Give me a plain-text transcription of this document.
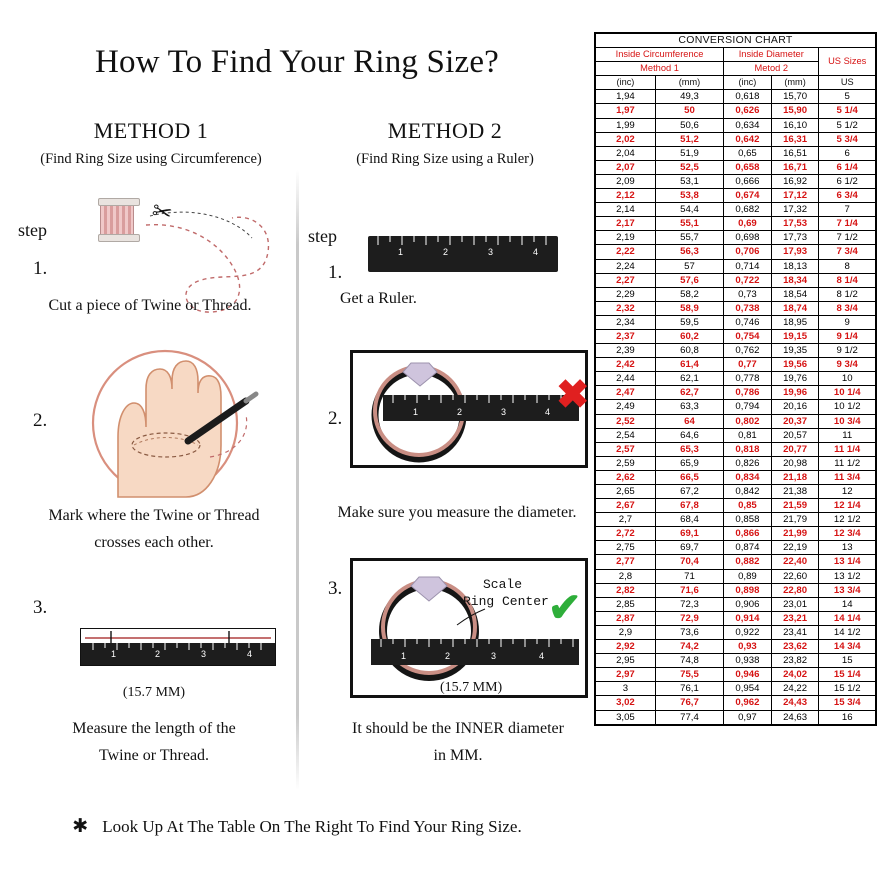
How To Find Your Ring Size?
METHOD 1
(Find Ring Size using Circumference)
step
1.
2.
3.
✂
Cut a piece of Twine or Thread.
Mark where the Twine or Thread
crosses each other.
1	2	3	4
(15.7 MM)
Measure the length of the
Twine or Thread.
METHOD 2
(Find Ring Size using a Ruler)
step
1.
2.
3.
1	2	3	4
Get a Ruler.
1	2	3	4 ✖
Make sure you measure the diameter.
1	2	3	4
Scale
Ring Center ✔
(15.7 MM)
It should be the INNER diameter
in MM.
✱ Look Up At The Table On The Right To Find Your Ring Size.
CONVERSION CHART				
Inside Circumference		Inside Diameter		US Sizes
Method 1		Metod 2		
(inc)	(mm)	(inc)	(mm)	US
1,94	49,3	0,618	15,70	5
1,97	50	0,626	15,90	5 1/4
1,99	50,6	0,634	16,10	5 1/2
2,02	51,2	0,642	16,31	5 3/4
2,04	51,9	0,65	16,51	6
2,07	52,5	0,658	16,71	6 1/4
2,09	53,1	0,666	16,92	6 1/2
2,12	53,8	0,674	17,12	6 3/4
2,14	54,4	0,682	17,32	7
2,17	55,1	0,69	17,53	7 1/4
2,19	55,7	0,698	17,73	7 1/2
2,22	56,3	0,706	17,93	7 3/4
2,24	57	0,714	18,13	8
2,27	57,6	0,722	18,34	8 1/4
2,29	58,2	0,73	18,54	8 1/2
2,32	58,9	0,738	18,74	8 3/4
2,34	59,5	0,746	18,95	9
2,37	60,2	0,754	19,15	9 1/4
2,39	60,8	0,762	19,35	9 1/2
2,42	61,4	0,77	19,56	9 3/4
2,44	62,1	0,778	19,76	10
2,47	62,7	0,786	19,96	10 1/4
2,49	63,3	0,794	20,16	10 1/2
2,52	64	0,802	20,37	10 3/4
2,54	64,6	0,81	20,57	11
2,57	65,3	0,818	20,77	11 1/4
2,59	65,9	0,826	20,98	11 1/2
2,62	66,5	0,834	21,18	11 3/4
2,65	67,2	0,842	21,38	12
2,67	67,8	0,85	21,59	12 1/4
2,7	68,4	0,858	21,79	12 1/2
2,72	69,1	0,866	21,99	12 3/4
2,75	69,7	0,874	22,19	13
2,77	70,4	0,882	22,40	13 1/4
2,8	71	0,89	22,60	13 1/2
2,82	71,6	0,898	22,80	13 3/4
2,85	72,3	0,906	23,01	14
2,87	72,9	0,914	23,21	14 1/4
2,9	73,6	0,922	23,41	14 1/2
2,92	74,2	0,93	23,62	14 3/4
2,95	74,8	0,938	23,82	15
2,97	75,5	0,946	24,02	15 1/4
3	76,1	0,954	24,22	15 1/2
3,02	76,7	0,962	24,43	15 3/4
3,05	77,4	0,97	24,63	16
